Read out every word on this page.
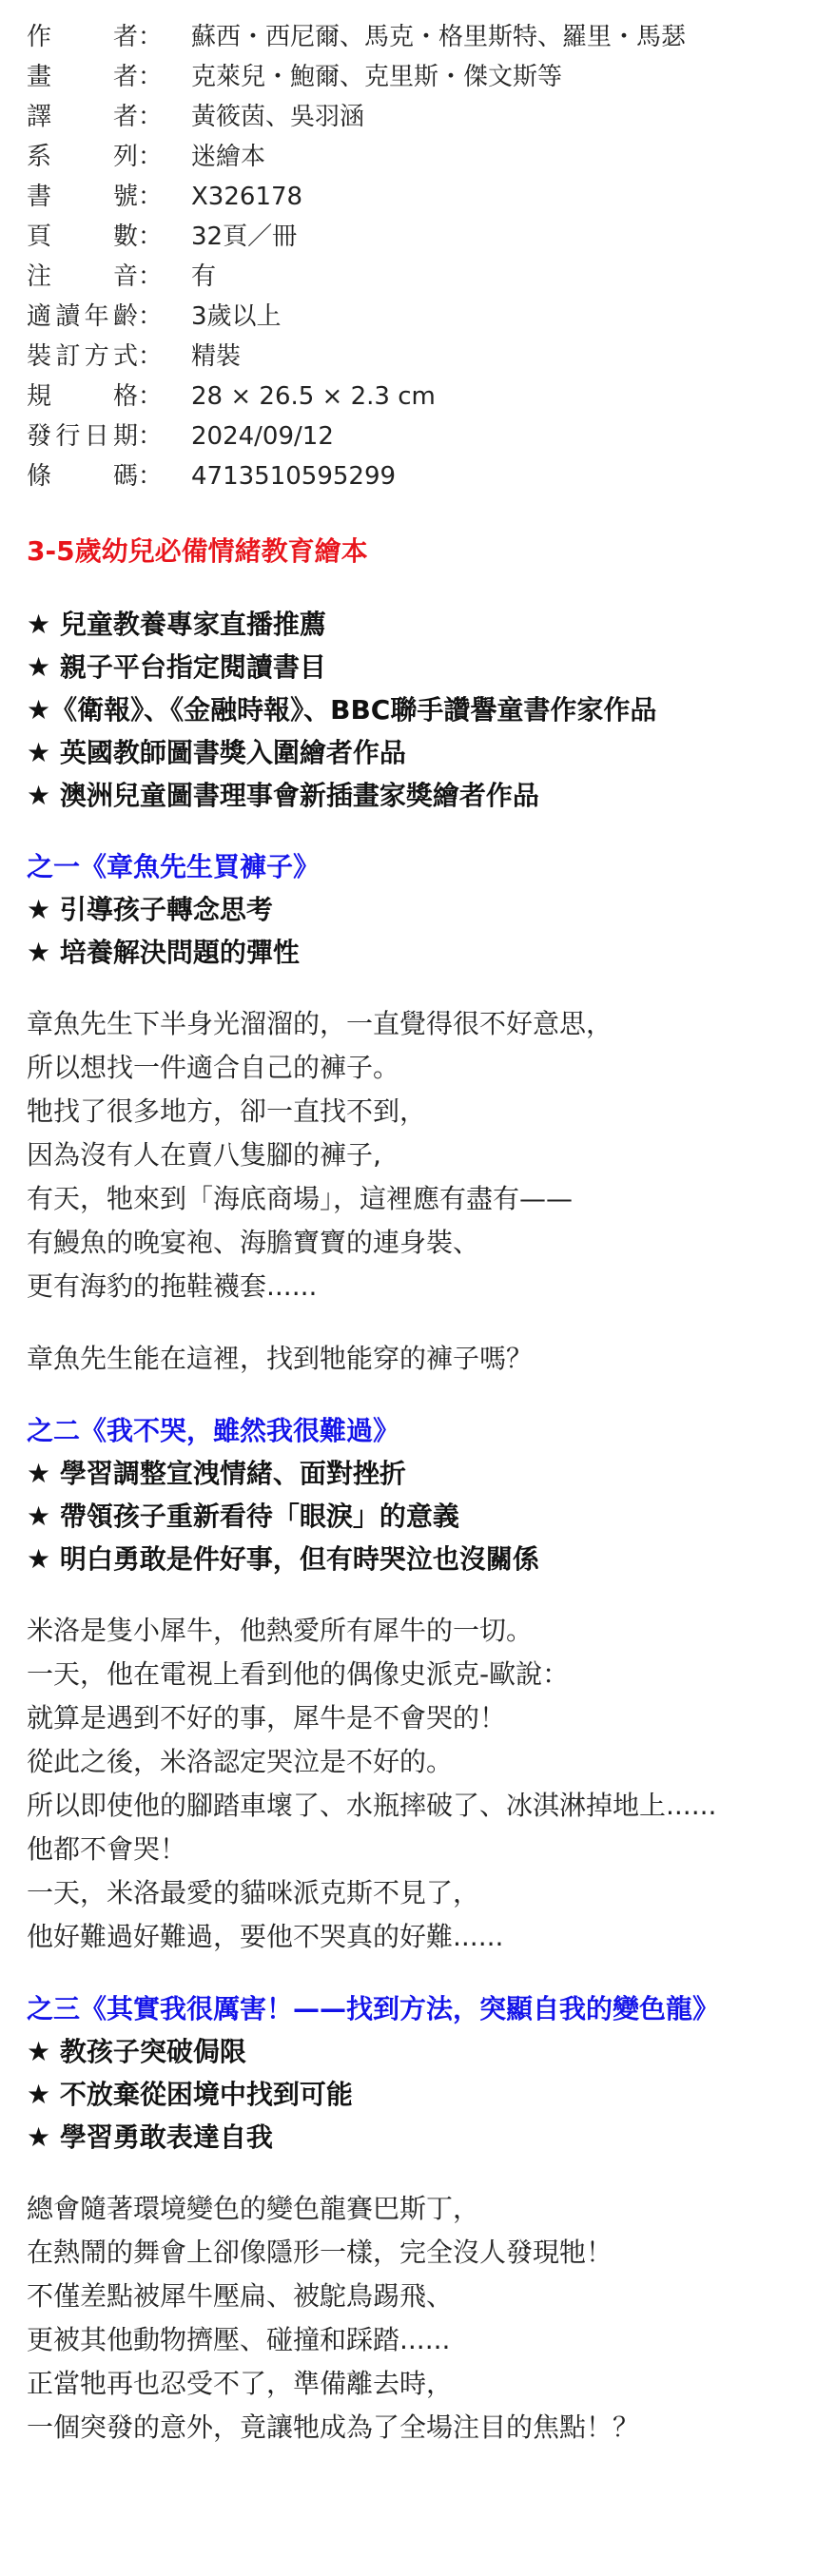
作者 ： 蘇西・西尼爾、馬克・格里斯特、羅里・馬瑟
畫者 ： 克萊兒・鮑爾、克里斯・傑文斯等
譯者 ： 黃筱茵、吳羽涵
系列 ： 迷繪本
書號 ： X326178
頁數 ： 32頁／冊
注音 ： 有
適讀年齡 ： 3歲以上
裝訂方式 ： 精裝
規格 ： 28 × 26.5 × 2.3 cm
發行日期 ： 2024/09/12
條碼 ： 4713510595299
3-5歲幼兒必備情緒教育繪本
★ 兒童教養專家直播推薦
★ 親子平台指定閱讀書目
★《衛報》、《金融時報》、BBC聯手讚譽童書作家作品
★ 英國教師圖書獎入圍繪者作品
★ 澳洲兒童圖書理事會新插畫家獎繪者作品
之一《章魚先生買褲子》
★ 引導孩子轉念思考
★ 培養解決問題的彈性
章魚先生下半身光溜溜的，一直覺得很不好意思，
所以想找一件適合自己的褲子。
牠找了很多地方，卻一直找不到，
因為沒有人在賣八隻腳的褲子,
有天，牠來到「海底商場」，這裡應有盡有——
有鰻魚的晚宴袍、海膽寶寶的連身裝、
更有海豹的拖鞋襪套......
章魚先生能在這裡，找到牠能穿的褲子嗎？
之二《我不哭，雖然我很難過》
★ 學習調整宣洩情緒、面對挫折
★ 帶領孩子重新看待「眼淚」的意義
★ 明白勇敢是件好事，但有時哭泣也沒關係
米洛是隻小犀牛，他熱愛所有犀牛的一切。
一天，他在電視上看到他的偶像史派克-歐說：
就算是遇到不好的事，犀牛是不會哭的！
從此之後，米洛認定哭泣是不好的。
所以即使他的腳踏車壞了、水瓶摔破了、冰淇淋掉地上......
他都不會哭！
一天，米洛最愛的貓咪派克斯不見了，
他好難過好難過，要他不哭真的好難......
之三《其實我很厲害！——找到方法，突顯自我的變色龍》
★ 教孩子突破侷限
★ 不放棄從困境中找到可能
★ 學習勇敢表達自我
總會隨著環境變色的變色龍賽巴斯丁，
在熱鬧的舞會上卻像隱形一樣，完全沒人發現牠！
不僅差點被犀牛壓扁、被鴕鳥踢飛、
更被其他動物擠壓、碰撞和踩踏......
正當牠再也忍受不了，準備離去時，
一個突發的意外，竟讓牠成為了全場注目的焦點！？
